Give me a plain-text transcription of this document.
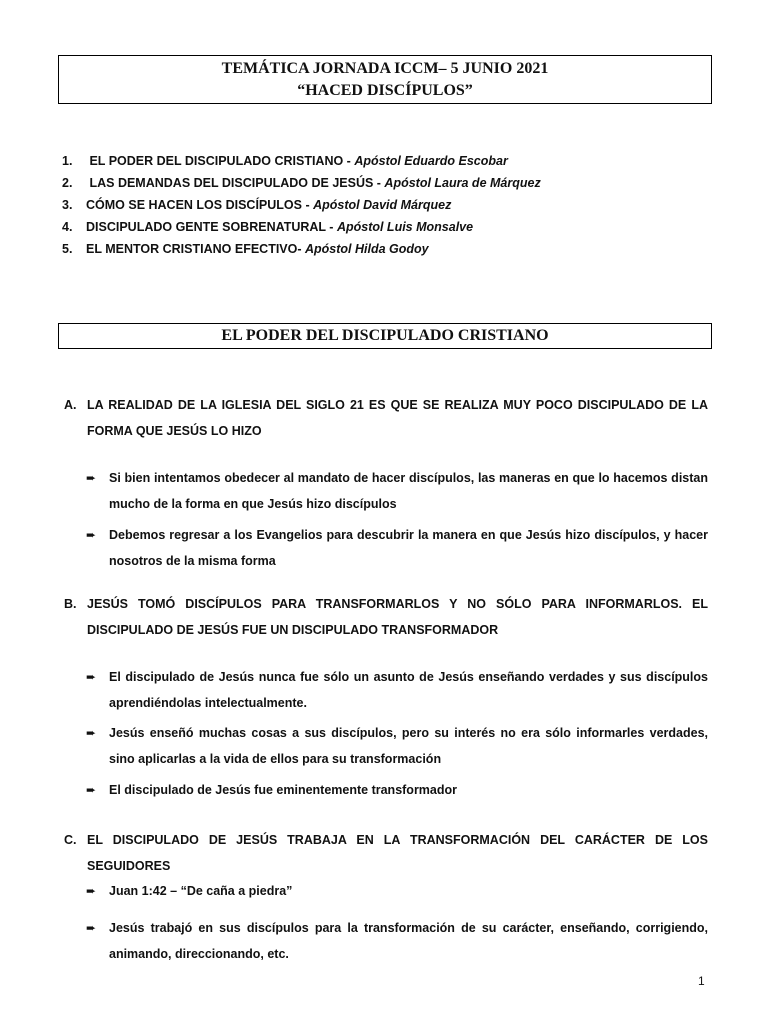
TEMÁTICA JORNADA ICCM– 5 JUNIO 2021
“HACED DISCÍPULOS”
1. EL PODER DEL DISCIPULADO CRISTIANO - Apóstol Eduardo Escobar
2. LAS DEMANDAS DEL DISCIPULADO DE JESÚS - Apóstol Laura de Márquez
3. CÓMO SE HACEN LOS DISCÍPULOS - Apóstol David Márquez
4. DISCIPULADO GENTE SOBRENATURAL - Apóstol Luis Monsalve
5. EL MENTOR CRISTIANO EFECTIVO- Apóstol Hilda Godoy
EL PODER DEL DISCIPULADO CRISTIANO
A. LA REALIDAD DE LA IGLESIA DEL SIGLO 21 ES QUE SE REALIZA MUY POCO DISCIPULADO DE LA FORMA QUE JESÚS LO HIZO
➨ Si bien intentamos obedecer al mandato de hacer discípulos, las maneras en que lo hacemos distan mucho de la forma en que Jesús hizo discípulos
➨ Debemos regresar a los Evangelios para descubrir la manera en que Jesús hizo discípulos, y hacer nosotros de la misma forma
B. JESÚS TOMÓ DISCÍPULOS PARA TRANSFORMARLOS Y NO SÓLO PARA INFORMARLOS. EL DISCIPULADO DE JESÚS FUE UN DISCIPULADO TRANSFORMADOR
➨ El discipulado de Jesús nunca fue sólo un asunto de Jesús enseñando verdades y sus discípulos aprendiéndolas intelectualmente.
➨ Jesús enseñó muchas cosas a sus discípulos, pero su interés no era sólo informarles verdades, sino aplicarlas a la vida de ellos para su transformación
➨ El discipulado de Jesús fue eminentemente transformador
C. EL DISCIPULADO DE JESÚS TRABAJA EN LA TRANSFORMACIÓN DEL CARÁCTER DE LOS SEGUIDORES
➨ Juan 1:42 – “De caña a piedra”
➨ Jesús trabajó en sus discípulos para la transformación de su carácter, enseñando, corrigiendo, animando, direccionando, etc.
1
